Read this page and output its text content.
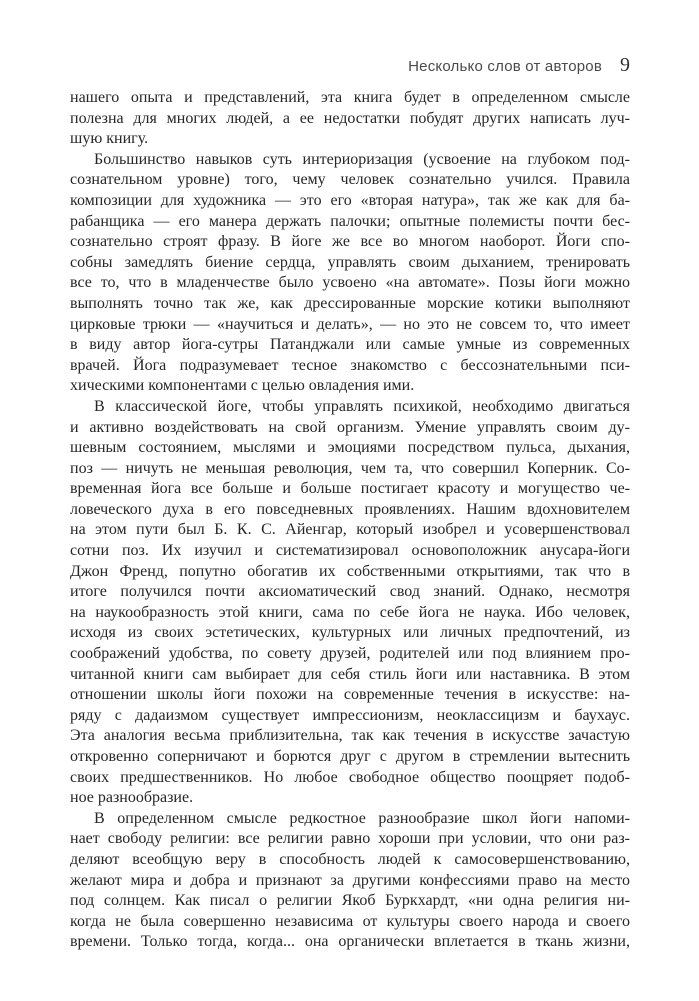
Несколько слов от авторов 9
нашего опыта и представлений, эта книга будет в определенном смысле
полезна для многих людей, а ее недостатки побудят других написать луч-
шую книгу.
Большинство навыков суть интериоризация (усвоение на глубоком под-
сознательном уровне) того, чему человек сознательно учился. Правила
композиции для художника — это его «вторая натура», так же как для ба-
рабанщика — его манера держать палочки; опытные полемисты почти бес-
сознательно строят фразу. В йоге же все во многом наоборот. Йоги спо-
собны замедлять биение сердца, управлять своим дыханием, тренировать
все то, что в младенчестве было усвоено «на автомате». Позы йоги можно
выполнять точно так же, как дрессированные морские котики выполняют
цирковые трюки — «научиться и делать», — но это не совсем то, что имеет
в виду автор йога-сутры Патанджали или самые умные из современных
врачей. Йога подразумевает тесное знакомство с бессознательными пси-
хическими компонентами с целью овладения ими.
В классической йоге, чтобы управлять психикой, необходимо двигаться
и активно воздействовать на свой организм. Умение управлять своим ду-
шевным состоянием, мыслями и эмоциями посредством пульса, дыхания,
поз — ничуть не меньшая революция, чем та, что совершил Коперник. Со-
временная йога все больше и больше постигает красоту и могущество че-
ловеческого духа в его повседневных проявлениях. Нашим вдохновителем
на этом пути был Б. К. С. Айенгар, который изобрел и усовершенствовал
сотни поз. Их изучил и систематизировал основоположник анусара-йоги
Джон Френд, попутно обогатив их собственными открытиями, так что в
итоге получился почти аксиоматический свод знаний. Однако, несмотря
на наукообразность этой книги, сама по себе йога не наука. Ибо человек,
исходя из своих эстетических, культурных или личных предпочтений, из
соображений удобства, по совету друзей, родителей или под влиянием про-
читанной книги сам выбирает для себя стиль йоги или наставника. В этом
отношении школы йоги похожи на современные течения в искусстве: на-
ряду с дадаизмом существует импрессионизм, неоклассицизм и баухаус.
Эта аналогия весьма приблизительна, так как течения в искусстве зачастую
откровенно соперничают и борются друг с другом в стремлении вытеснить
своих предшественников. Но любое свободное общество поощряет подоб-
ное разнообразие.
В определенном смысле редкостное разнообразие школ йоги напоми-
нает свободу религии: все религии равно хороши при условии, что они раз-
деляют всеобщую веру в способность людей к самосовершенствованию,
желают мира и добра и признают за другими конфессиями право на место
под солнцем. Как писал о религии Якоб Буркхардт, «ни одна религия ни-
когда не была совершенно независима от культуры своего народа и своего
времени. Только тогда, когда... она органически вплетается в ткань жизни,
